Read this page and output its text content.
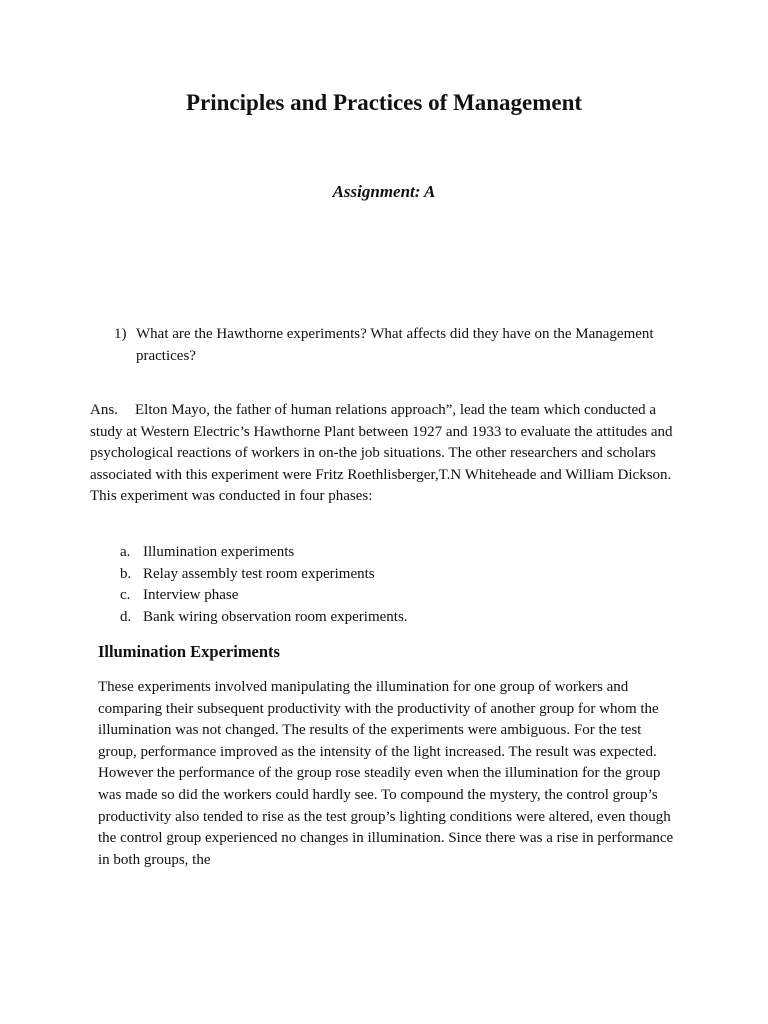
Principles and Practices of Management
Assignment: A
1) What are the Hawthorne experiments? What affects did they have on the Management practices?

Ans. Elton Mayo, the father of human relations approach”, lead the team which conducted a study at Western Electric’s Hawthorne Plant between 1927 and 1933 to evaluate the attitudes and psychological reactions of workers in on-the job situations. The other researchers and scholars associated with this experiment were Fritz Roethlisberger,T.N Whiteheade and William Dickson. This experiment was conducted in four phases:

a. Illumination experiments
b. Relay assembly test room experiments
c. Interview phase
d. Bank wiring observation room experiments.
Illumination Experiments

These experiments involved manipulating the illumination for one group of workers and comparing their subsequent productivity with the productivity of another group for whom the illumination was not changed. The results of the experiments were ambiguous. For the test group, performance improved as the intensity of the light increased. The result was expected. However the performance of the group rose steadily even when the illumination for the group was made so did the workers could hardly see. To compound the mystery, the control group’s productivity also tended to rise as the test group’s lighting conditions were altered, even though the control group experienced no changes in illumination. Since there was a rise in performance in both groups, the
